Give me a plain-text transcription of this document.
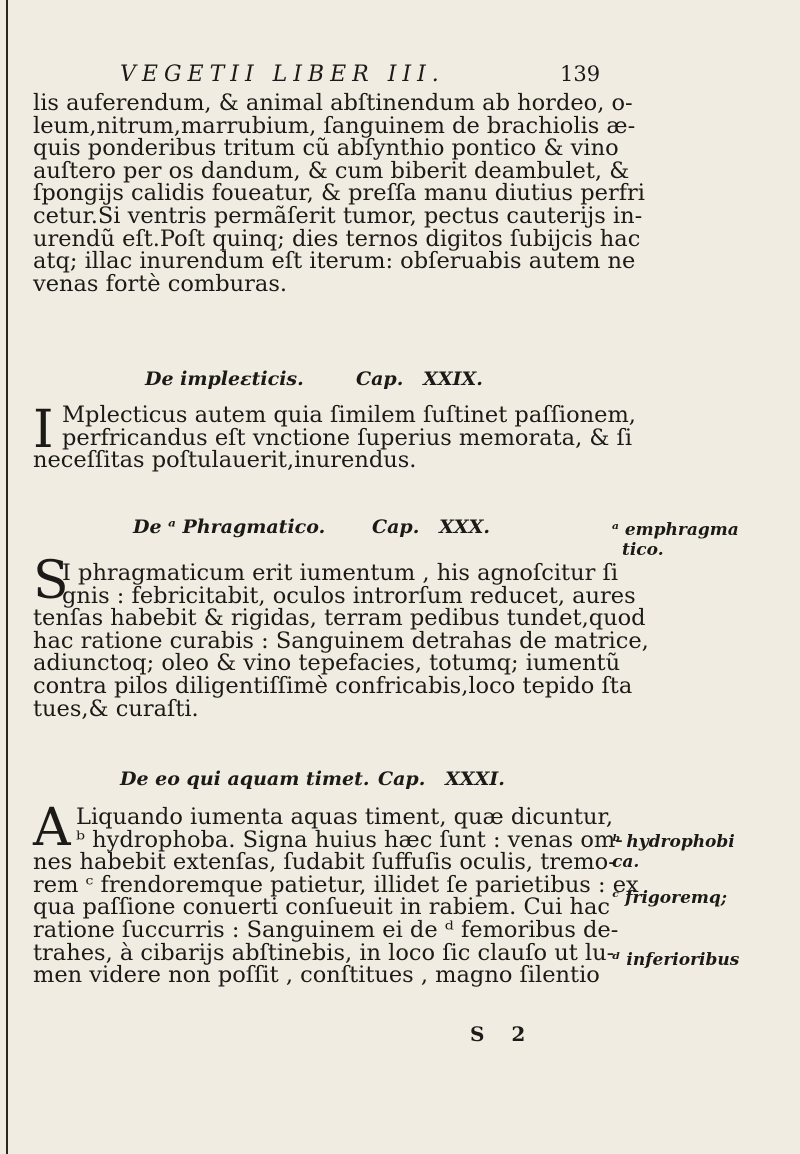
VEGETII LIBER III.	139

lis auferendum, & animal abſtinendum ab hordeo, o-

leum,nitrum,marrubium, ſanguinem de brachiolis æ-

quis ponderibus tritum cũ abſynthio pontico & vino

auſtero per os dandum, & cum biberit deambulet, &

ſpongijs calidis foueatur, & preſſa manu diutius perfri

cetur.Si ventris permãſerit tumor, pectus cauterijs in-

urendũ eſt.Poſt quinq; dies ternos digitos ſubijcis hac

atq; illac inurendum eſt iterum: obſeruabis autem ne

venas fortè comburas.

De impleɛticis.	Cap.   XXIX.
I Mplecticus autem quia ſimilem ſuſtinet paſſionem,

perfricandus eſt vnctione ſuperius memorata, & ſi

neceſſitas poſtulauerit,inurendus.

De ᵃ Phragmatico. Cap.   XXX.
S

I phragmaticum erit iumentum , his agnoſcitur ſi

gnis : febricitabit, oculos introrſum reducet, aures

tenſas habebit & rigidas, terram pedibus tundet,quod

hac ratione curabis : Sanguinem detrahas de matrice,

adiunctoq; oleo & vino tepefacies, totumq; iumentũ

contra pilos diligentiſſimè confricabis,loco tepido ſta

tues,& curaſti.

ᵃ emphragma

tico.

De eo qui aquam timet. Cap.   XXXI.
A Liquando iumenta aquas timent, quæ dicuntur,

ᵇ hydrophoba. Signa huius hæc ſunt : venas om-

nes habebit extenſas, ſudabit ſuffuſis oculis, tremo-

rem ᶜ frendoremque patietur, illidet ſe parietibus : ex

qua paſſione conuerti conſueuit in rabiem. Cui hac

ratione ſuccurris : Sanguinem ei de ᵈ femoribus de-

trahes, à cibarijs abſtinebis, in loco ſic clauſo ut lu-

men videre non poſſit , conſtitues , magno ſilentio

ᵇ hydrophobi

ca.

ᶜ frigoremq;

ᵈ inferioribus

S 2
